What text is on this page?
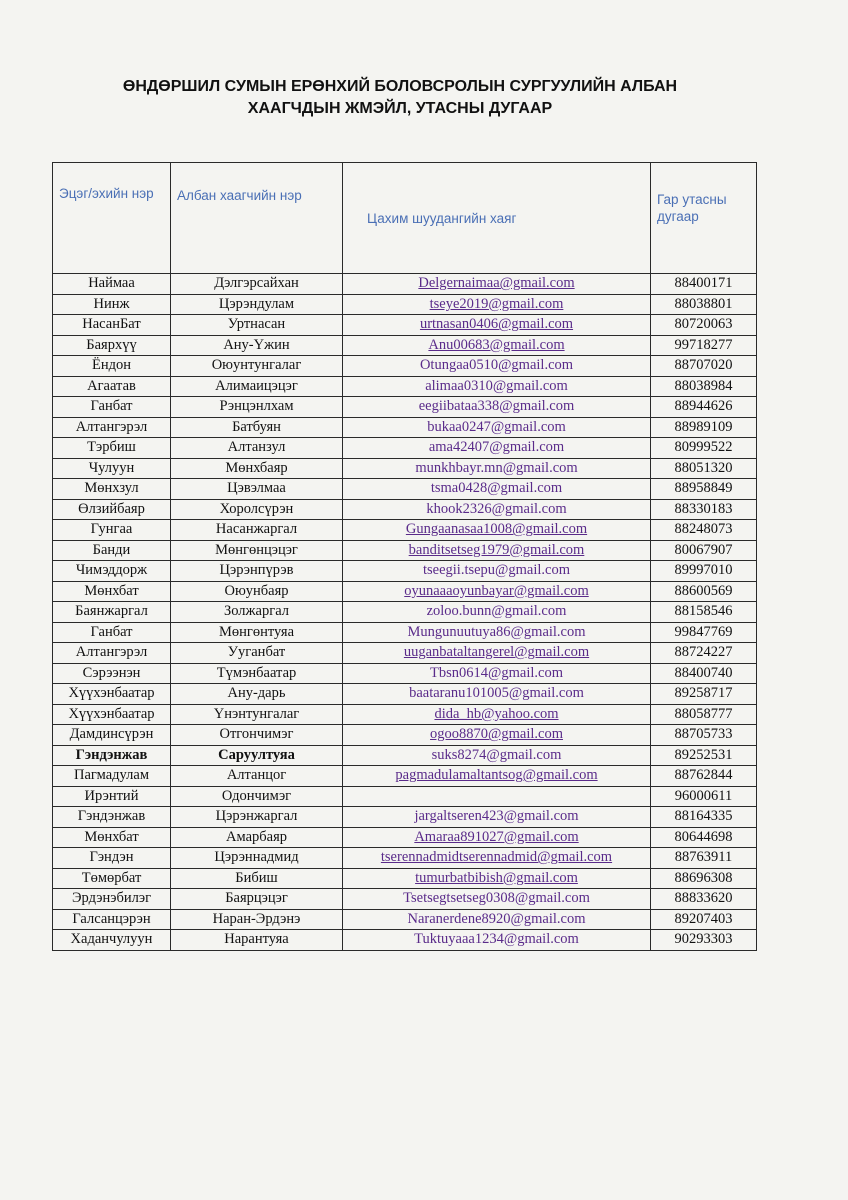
ӨНДӨРШИЛ СУМЫН ЕРӨНХИЙ БОЛОВСРОЛЫН СУРГУУЛИЙН АЛБАН
ХААГЧДЫН ЖМЭЙЛ, УТАСНЫ ДУГААР
Эцэг/эхийн нэр	Албан хаагчийн нэр	Цахим шуудангийн хаяг	Гар утасны дугаар
Наймаа	Дэлгэрсайхан	Delgernaimaa@gmail.com	88400171
Нинж	Цэрэндулам	tseye2019@gmail.com	88038801
НасанБат	Уртнасан	urtnasan0406@gmail.com	80720063
Баярхүү	Ану-Үжин	Anu00683@gmail.com	99718277
Ёндон	Оюунтунгалаг	Otungaa0510@gmail.com	88707020
Агаатав	Алимаицэцэг	alimaa0310@gmail.com	88038984
Ганбат	Рэнцэнлхам	eegiibataa338@gmail.com	88944626
Алтангэрэл	Батбуян	bukaa0247@gmail.com	88989109
Тэрбиш	Алтанзул	ama42407@gmail.com	80999522
Чулуун	Мөнхбаяр	munkhbayr.mn@gmail.com	88051320
Мөнхзул	Цэвэлмаа	tsma0428@gmail.com	88958849
Өлзийбаяр	Хоролсүрэн	khook2326@gmail.com	88330183
Гунгаа	Насанжаргал	Gungaanasaa1008@gmail.com	88248073
Банди	Мөнгөнцэцэг	banditsetseg1979@gmail.com	80067907
Чимэддорж	Цэрэнпүрэв	tseegii.tsepu@gmail.com	89997010
Мөнхбат	Оюунбаяр	oyunaaaoyunbayar@gmail.com	88600569
Баянжаргал	Золжаргал	zoloo.bunn@gmail.com	88158546
Ганбат	Мөнгөнтуяа	Mungunuutuya86@gmail.com	99847769
Алтангэрэл	Ууганбат	uuganbataltangerel@gmail.com	88724227
Сэрээнэн	Түмэнбаатар	Tbsn0614@gmail.com	88400740
Хүүхэнбаатар	Ану-дарь	baataranu101005@gmail.com	89258717
Хүүхэнбаатар	Үнэнтунгалаг	dida_hb@yahoo.com	88058777
Дамдинсүрэн	Отгончимэг	ogoo8870@gmail.com	88705733
Гэндэнжав	Саруултуяа	suks8274@gmail.com	89252531
Пагмадулам	Алтанцог	pagmadulamaltantsog@gmail.com	88762844
Ирэнтий	Одончимэг		96000611
Гэндэнжав	Цэрэнжаргал	jargaltseren423@gmail.com	88164335
Мөнхбат	Амарбаяр	Amaraa891027@gmail.com	80644698
Гэндэн	Цэрэннадмид	tserennadmidtserennadmid@gmail.com	88763911
Төмөрбат	Бибиш	tumurbatbibish@gmail.com	88696308
Эрдэнэбилэг	Баярцэцэг	Tsetsegtsetseg0308@gmail.com	88833620
Галсанцэрэн	Наран-Эрдэнэ	Naranerdene8920@gmail.com	89207403
Хаданчулуун	Нарантуяа	Tuktuyaaa1234@gmail.com	90293303
